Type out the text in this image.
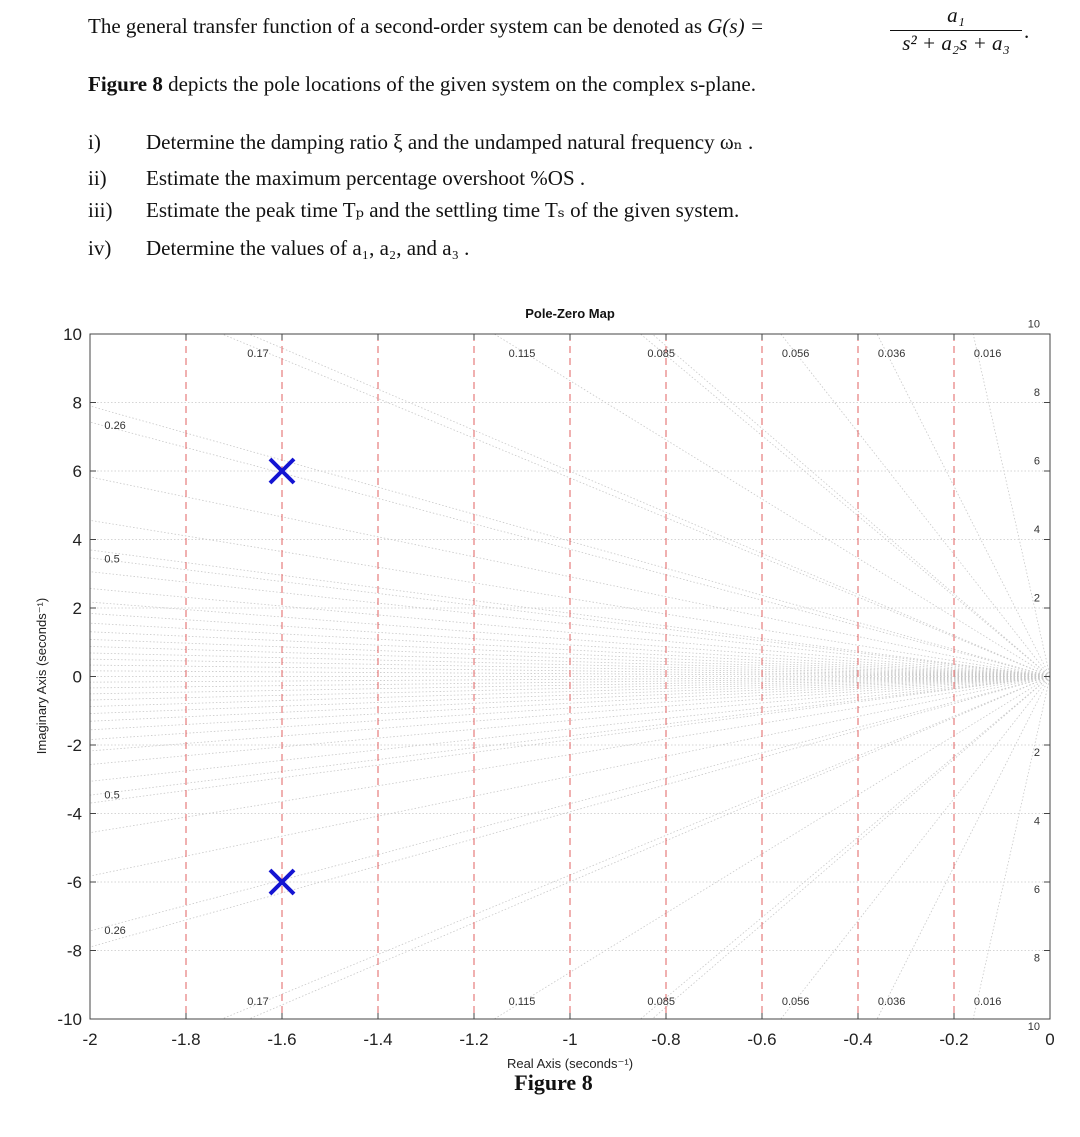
The general transfer function of a second-order system can be denoted as G(s) =	$\frac{\text{a₁}}{\text{s² + a₂s + a₃}}$ .
Figure 8 depicts the pole locations of the given system on the complex s-plane.
i) Determine the damping ratio ξ and the undamped natural frequency ωₙ .
ii) Estimate the maximum percentage overshoot %OS .
iii) Estimate the peak time Tₚ and the settling time Tₛ of the given system.
iv) Determine the values of a₁, a₂, and a₃ .
Pole-Zero Map
-2	-1.8	-1.6	-1.4	-1.2	-1	-0.8	-0.6	-0.4	-0.2	0
-10
-8
-6
-4
-2
0
2
4
6
8
10
0.17	0.115	0.085	0.056	0.036	0.016
0.17	0.115	0.085	0.056	0.036	0.016
0.26
0.5
0.5
0.26
10
8
6
4
2
2
4
6
8
10
Real Axis (seconds⁻¹)
Imaginary Axis (seconds⁻¹)
Figure 8
